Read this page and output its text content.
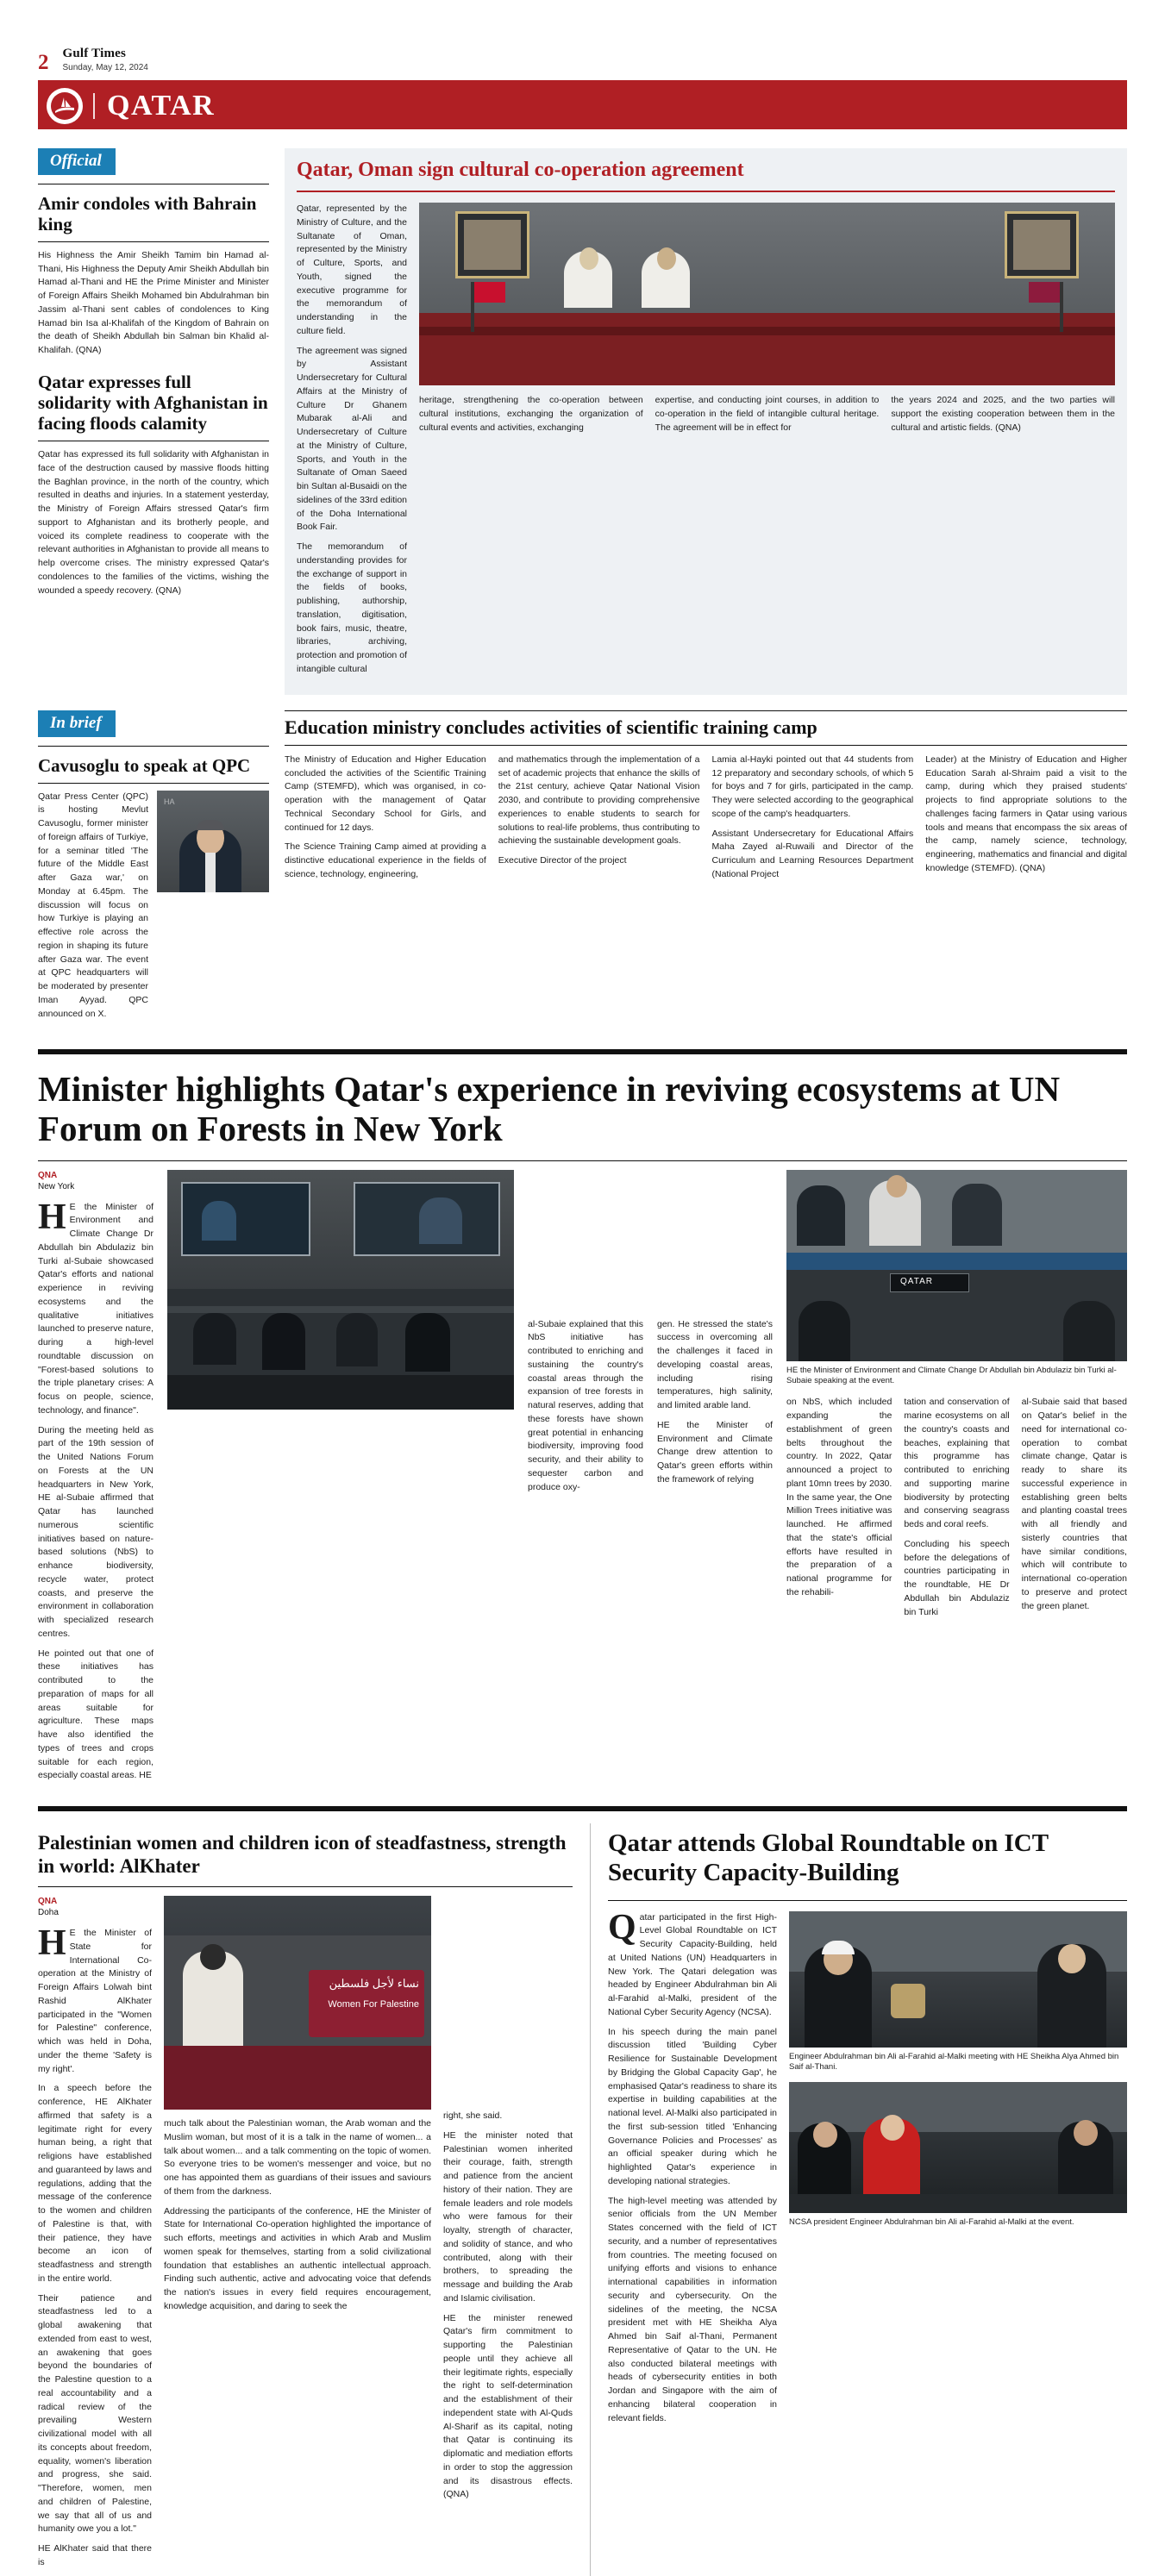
2	Gulf Times
Sunday, May 12, 2024
QATAR
Official
Amir condoles with Bahrain king

His Highness the Amir Sheikh Tamim bin Hamad al-Thani, His Highness the Deputy Amir Sheikh Abdullah bin Hamad al-Thani and HE the Prime Minister and Minister of Foreign Affairs Sheikh Mohamed bin Abdulrahman bin Jassim al-Thani sent cables of condolences to King Hamad bin Isa al-Khalifah of the Kingdom of Bahrain on the death of Sheikh Abdullah bin Salman bin Khalid al-Khalifah. (QNA)

Qatar expresses full solidarity with Afghanistan in facing floods calamity

Qatar has expressed its full solidarity with Afghanistan in face of the destruction caused by massive floods hitting the Baghlan province, in the north of the country, which resulted in deaths and injuries. In a statement yesterday, the Ministry of Foreign Affairs stressed Qatar's firm support to Afghanistan and its brotherly people, and voiced its complete readiness to cooperate with the relevant authorities in Afghanistan to provide all means to help overcome crises. The ministry expressed Qatar's condolences to the families of the victims, wishing the wounded a speedy recovery. (QNA)

Qatar, Oman sign cultural co-operation agreement

Qatar, represented by the Ministry of Culture, and the Sultanate of Oman, represented by the Ministry of Culture, Sports, and Youth, signed the executive programme for the memorandum of understanding in the culture field.

The agreement was signed by Assistant Undersecretary for Cultural Affairs at the Ministry of Culture Dr Ghanem Mubarak al-Ali and Undersecretary of Culture at the Ministry of Culture, Sports, and Youth in the Sultanate of Oman Saeed bin Sultan al-Busaidi on the sidelines of the 33rd edition of the Doha International Book Fair.

The memorandum of understanding provides for the exchange of support in the fields of books, publishing, authorship, translation, digitisation, book fairs, music, theatre, libraries, archiving, protection and promotion of intangible cultural

heritage, strengthening the co-operation between cultural institutions, exchanging the organization of cultural events and activities, exchanging

expertise, and conducting joint courses, in addition to co-operation in the field of intangible cultural heritage. The agreement will be in effect for

the years 2024 and 2025, and the two parties will support the existing cooperation between them in the cultural and artistic fields. (QNA)

In brief
Cavusoglu to speak at QPC

Qatar Press Center (QPC) is hosting Mevlut Cavusoglu, former minister of foreign affairs of Turkiye, for a seminar titled 'The future of the Middle East after Gaza war,' on Monday at 6.45pm. The discussion will focus on how Turkiye is playing an effective role across the region in shaping its future after Gaza war. The event at QPC headquarters will be moderated by presenter Iman Ayyad. QPC announced on X.

HA
Education ministry concludes activities of scientific training camp

The Ministry of Education and Higher Education concluded the activities of the Scientific Training Camp (STEMFD), which was organised, in co-operation with the management of Qatar Technical Secondary School for Girls, and continued for 12 days.

The Science Training Camp aimed at providing a distinctive educational experience in the fields of science, technology, engineering,

and mathematics through the implementation of a set of academic projects that enhance the skills of the 21st century, achieve Qatar National Vision 2030, and contribute to providing comprehensive experiences to enable students to search for solutions to real-life problems, thus contributing to achieving the sustainable development goals.

Executive Director of the project

Lamia al-Hayki pointed out that 44 students from 12 preparatory and secondary schools, of which 5 for boys and 7 for girls, participated in the camp. They were selected according to the geographical scope of the camp's headquarters.

Assistant Undersecretary for Educational Affairs Maha Zayed al-Ruwaili and Director of the Curriculum and Learning Resources Department (National Project

Leader) at the Ministry of Education and Higher Education Sarah al-Shraim paid a visit to the camp, during which they praised students' projects to find appropriate solutions to the challenges facing farmers in Qatar using various tools and means that encompass the six areas of the camp, namely science, technology, engineering, mathematics and financial and digital knowledge (STEMFD). (QNA)

Minister highlights Qatar's experience in reviving ecosystems at UN Forum on Forests in New York
QNA
New York

HE the Minister of Environment and Climate Change Dr Abdullah bin Abdulaziz bin Turki al-Subaie showcased Qatar's efforts and national experience in reviving ecosystems and the qualitative initiatives launched to preserve nature, during a high-level roundtable discussion on "Forest-based solutions to the triple planetary crises: A focus on people, science, technology, and finance".

During the meeting held as part of the 19th session of the United Nations Forum on Forests at the UN headquarters in New York, HE al-Subaie affirmed that Qatar has launched numerous scientific initiatives based on nature-based solutions (NbS) to enhance biodiversity, recycle water, protect coasts, and preserve the environment in collaboration with specialized research centres.

He pointed out that one of these initiatives has contributed to the preparation of maps for all areas suitable for agriculture. These maps have also identified the types of trees and crops suitable for each region, especially coastal areas. HE

al-Subaie explained that this NbS initiative has contributed to enriching and sustaining the country's coastal areas through the expansion of tree forests in natural reserves, adding that these forests have shown great potential in enhancing biodiversity, improving food security, and their ability to sequester carbon and produce oxy-

gen. He stressed the state's success in overcoming all the challenges it faced in developing coastal areas, including rising temperatures, high salinity, and limited arable land.

HE the Minister of Environment and Climate Change drew attention to Qatar's green efforts within the framework of relying

QATAR
HE the Minister of Environment and Climate Change Dr Abdullah bin Abdulaziz bin Turki al-Subaie speaking at the event.

on NbS, which included expanding the establishment of green belts throughout the country. In 2022, Qatar announced a project to plant 10mn trees by 2030. In the same year, the One Million Trees initiative was launched. He affirmed that the state's official efforts have resulted in the preparation of a national programme for the rehabili-

tation and conservation of marine ecosystems on all the country's coasts and beaches, explaining that this programme has contributed to enriching and supporting marine biodiversity by protecting and conserving seagrass beds and coral reefs.

Concluding his speech before the delegations of countries participating in the roundtable, HE Dr Abdullah bin Abdulaziz bin Turki

al-Subaie said that based on Qatar's belief in the need for international co-operation to combat climate change, Qatar is ready to share its successful experience in establishing green belts and planting coastal trees with all friendly and sisterly countries that have similar conditions, which will contribute to international co-operation to preserve and protect the green planet.

Palestinian women and children icon of steadfastness, strength in world: AlKhater
QNA
Doha

HE the Minister of State for International Co-operation at the Ministry of Foreign Affairs Lolwah bint Rashid AlKhater participated in the "Women for Palestine" conference, which was held in Doha, under the theme 'Safety is my right'.

In a speech before the conference, HE AlKhater affirmed that safety is a legitimate right for every human being, a right that religions have established and guaranteed by laws and regulations, adding that the message of the conference to the women and children of Palestine is that, with their patience, they have become an icon of steadfastness and strength in the entire world.

Their patience and steadfastness led to a global awakening that extended from east to west, an awakening that goes beyond the boundaries of the Palestine question to a real accountability and a radical review of the prevailing Western civilizational model with all its concepts about freedom, equality, women's liberation and progress, she said. "Therefore, women, men and children of Palestine, we say that all of us and humanity owe you a lot."

HE AlKhater said that there is

نساء لأجل فلسطين
Women For Palestine

much talk about the Palestinian woman, the Arab woman and the Muslim woman, but most of it is a talk in the name of women... a talk about women... and a talk commenting on the topic of women. So everyone tries to be women's messenger and voice, but no one has appointed them as guardians of their issues and saviours of them from the darkness.

Addressing the participants of the conference, HE the Minister of State for International Co-operation highlighted the importance of such efforts, meetings and activities in which Arab and Muslim women speak for themselves, starting from a solid civilizational foundation that establishes an authentic intellectual approach. Finding such authentic, active and advocating voice that defends the nation's issues in every field requires encouragement, knowledge acquisition, and daring to seek the

right, she said.

HE the minister noted that Palestinian women inherited their courage, faith, strength and patience from the ancient history of their nation. They are female leaders and role models who were famous for their loyalty, strength of character, and solidity of stance, and who contributed, along with their brothers, to spreading the message and building the Arab and Islamic civilisation.

HE the minister renewed Qatar's firm commitment to supporting the Palestinian people until they achieve all their legitimate rights, especially the right to self-determination and the establishment of their independent state with Al-Quds Al-Sharif as its capital, noting that Qatar is continuing its diplomatic and mediation efforts in order to stop the aggression and its disastrous effects. (QNA)

Qatar attends Global Roundtable on ICT Security Capacity-Building

Qatar participated in the first High-Level Global Roundtable on ICT Security Capacity-Building, held at United Nations (UN) Headquarters in New York. The Qatari delegation was headed by Engineer Abdulrahman bin Ali al-Farahid al-Malki, president of the National Cyber Security Agency (NCSA).

In his speech during the main panel discussion titled 'Building Cyber Resilience for Sustainable Development by Bridging the Global Capacity Gap', he emphasised Qatar's readiness to share its expertise in building capabilities at the national level. Al-Malki also participated in the first sub-session titled 'Enhancing Governance Policies and Processes' as an official speaker during which he highlighted Qatar's experience in developing national strategies.

The high-level meeting was attended by senior officials from the UN Member States concerned with the field of ICT security, and a number of representatives from countries. The meeting focused on unifying efforts and visions to enhance international capabilities in information security and cybersecurity. On the sidelines of the meeting, the NCSA president met with HE Sheikha Alya Ahmed bin Saif al-Thani, Permanent Representative of Qatar to the UN. He also conducted bilateral meetings with heads of cybersecurity entities in both Jordan and Singapore with the aim of enhancing bilateral cooperation in relevant fields.

Engineer Abdulrahman bin Ali al-Farahid al-Malki meeting with HE Sheikha Alya Ahmed bin Saif al-Thani.
NCSA president Engineer Abdulrahman bin Ali al-Farahid al-Malki at the event.
